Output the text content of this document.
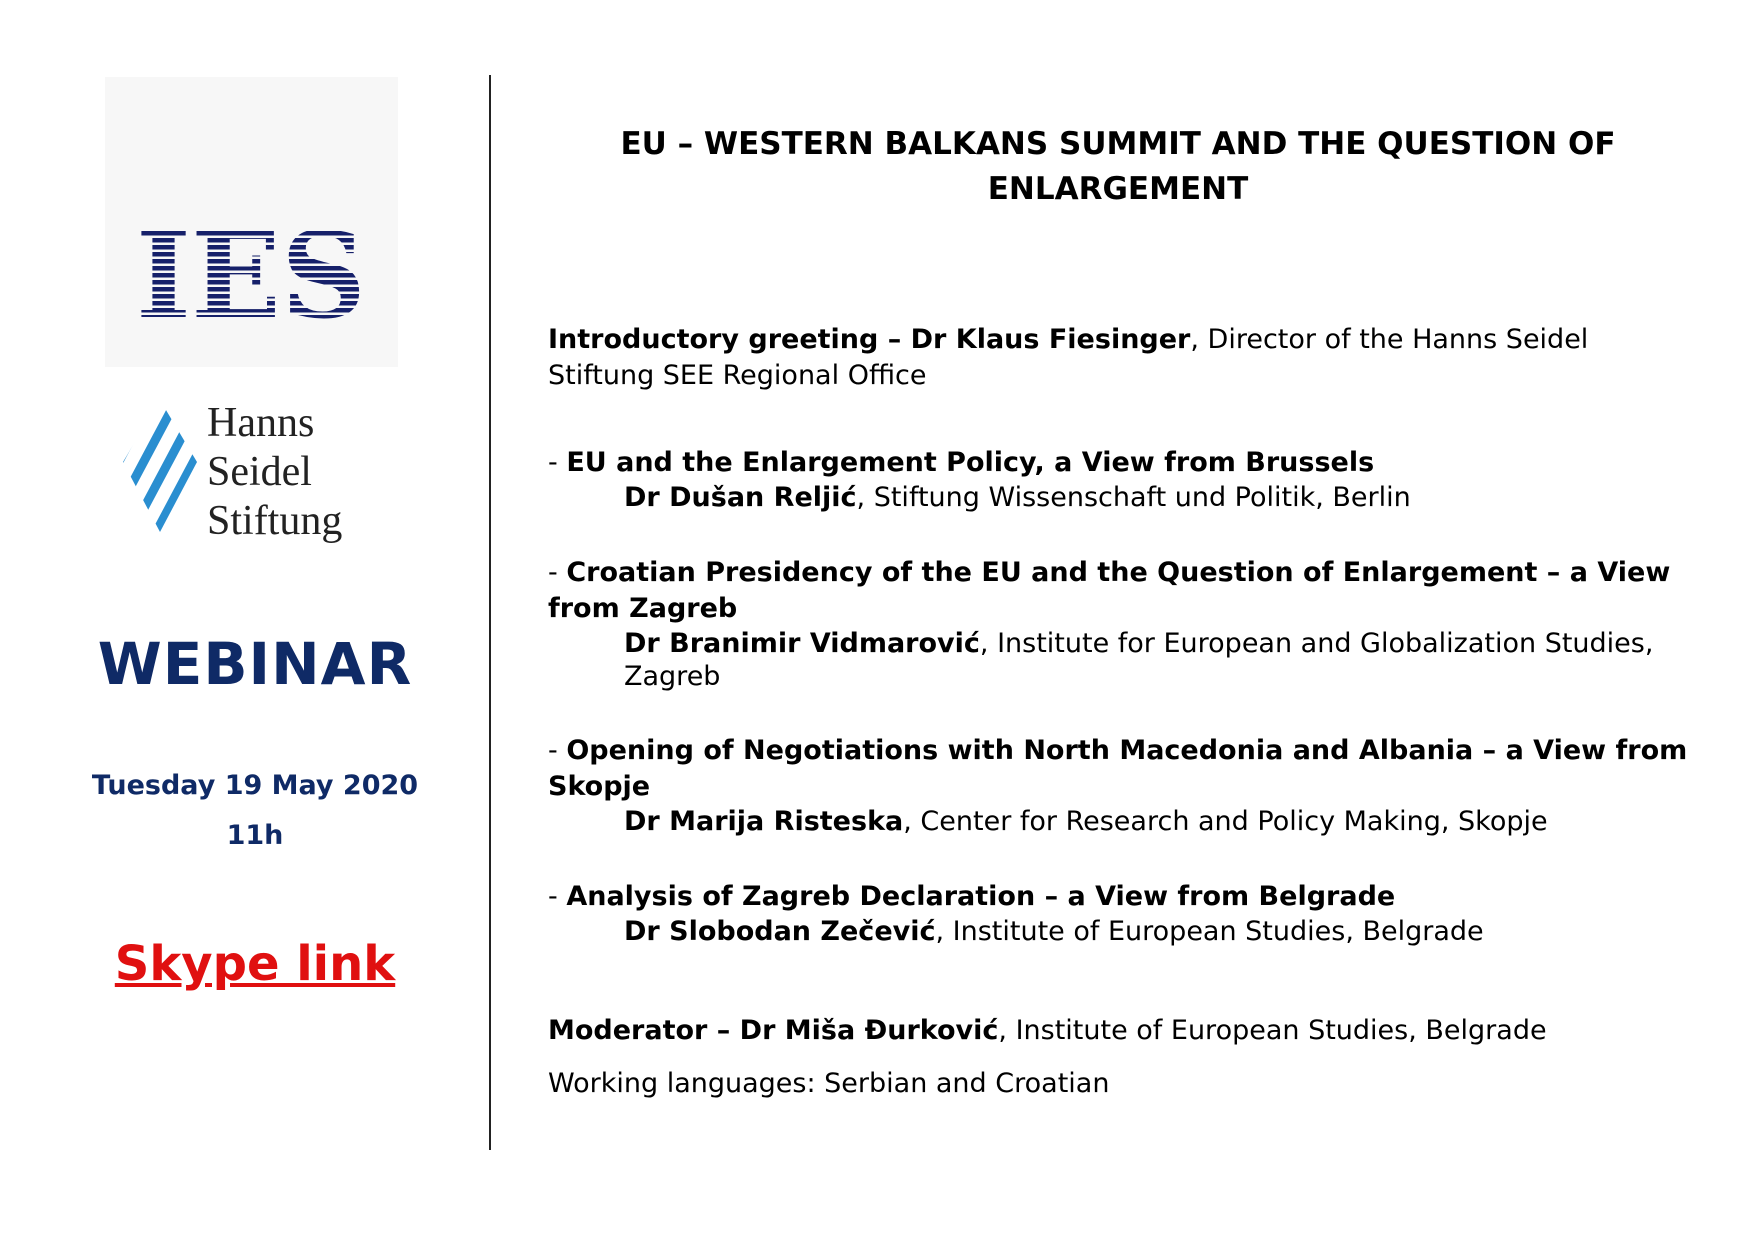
IES
Hanns
Seidel
Stiftung
WEBINAR
Tuesday 19 May 2020
11h
Skype link
EU – WESTERN BALKANS SUMMIT AND THE QUESTION OF ENLARGEMENT
Introductory greeting – Dr Klaus Fiesinger, Director of the Hanns Seidel Stiftung SEE Regional Office
- EU and the Enlargement Policy, a View from Brussels
Dr Dušan Reljić, Stiftung Wissenschaft und Politik, Berlin
- Croatian Presidency of the EU and the Question of Enlargement – a View from Zagreb
Dr Branimir Vidmarović, Institute for European and Globalization Studies, Zagreb
- Opening of Negotiations with North Macedonia and Albania – a View from Skopje
Dr Marija Risteska, Center for Research and Policy Making, Skopje
- Analysis of Zagreb Declaration – a View from Belgrade
Dr Slobodan Zečević, Institute of European Studies, Belgrade
Moderator – Dr Miša Đurković, Institute of European Studies, Belgrade
Working languages: Serbian and Croatian
